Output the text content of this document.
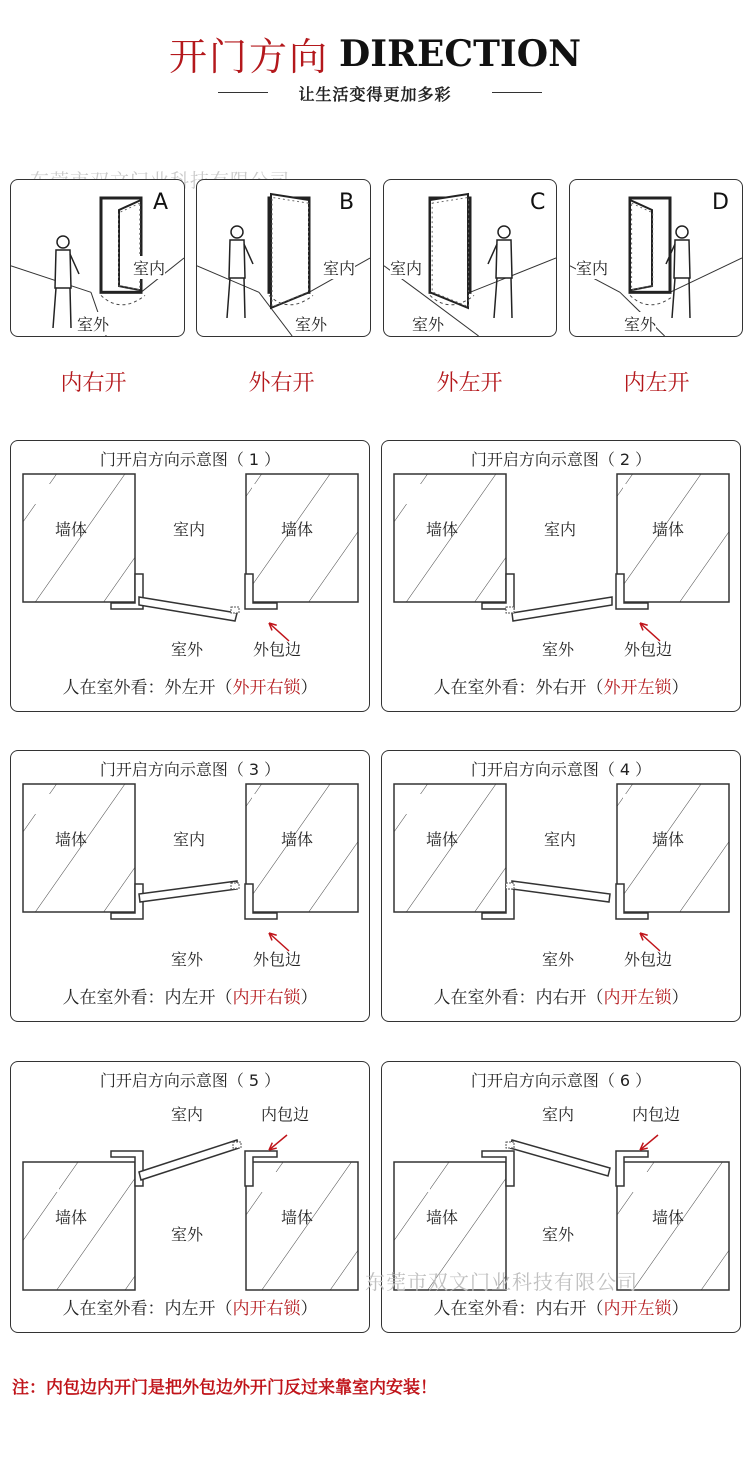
开门方向 DIRECTION
让生活变得更加多彩
A
室内
室外
B
室内
室外
C
室内
室外
D
室内
室外
内右开	外右开	外左开	内左开
门开启方向示意图（ 1 ）
墙体	墙体
室内
室外	外包边
人在室外看：外左开（外开右锁）
门开启方向示意图（ 2 ）
墙体	墙体
室内
室外	外包边
人在室外看：外右开（外开左锁）
门开启方向示意图（ 3 ）
墙体	墙体
室内
室外	外包边
人在室外看：内左开（内开右锁）
门开启方向示意图（ 4 ）
墙体	墙体
室内
室外	外包边
人在室外看：内右开（内开左锁）
门开启方向示意图（ 5 ）
墙体	墙体
室内	内包边
室外
人在室外看：内左开（内开右锁）
门开启方向示意图（ 6 ）
墙体	墙体
室内	内包边
室外
人在室外看：内右开（内开左锁）
东莞市双文门业科技有限公司
注：内包边内开门是把外包边外开门反过来靠室内安装！
